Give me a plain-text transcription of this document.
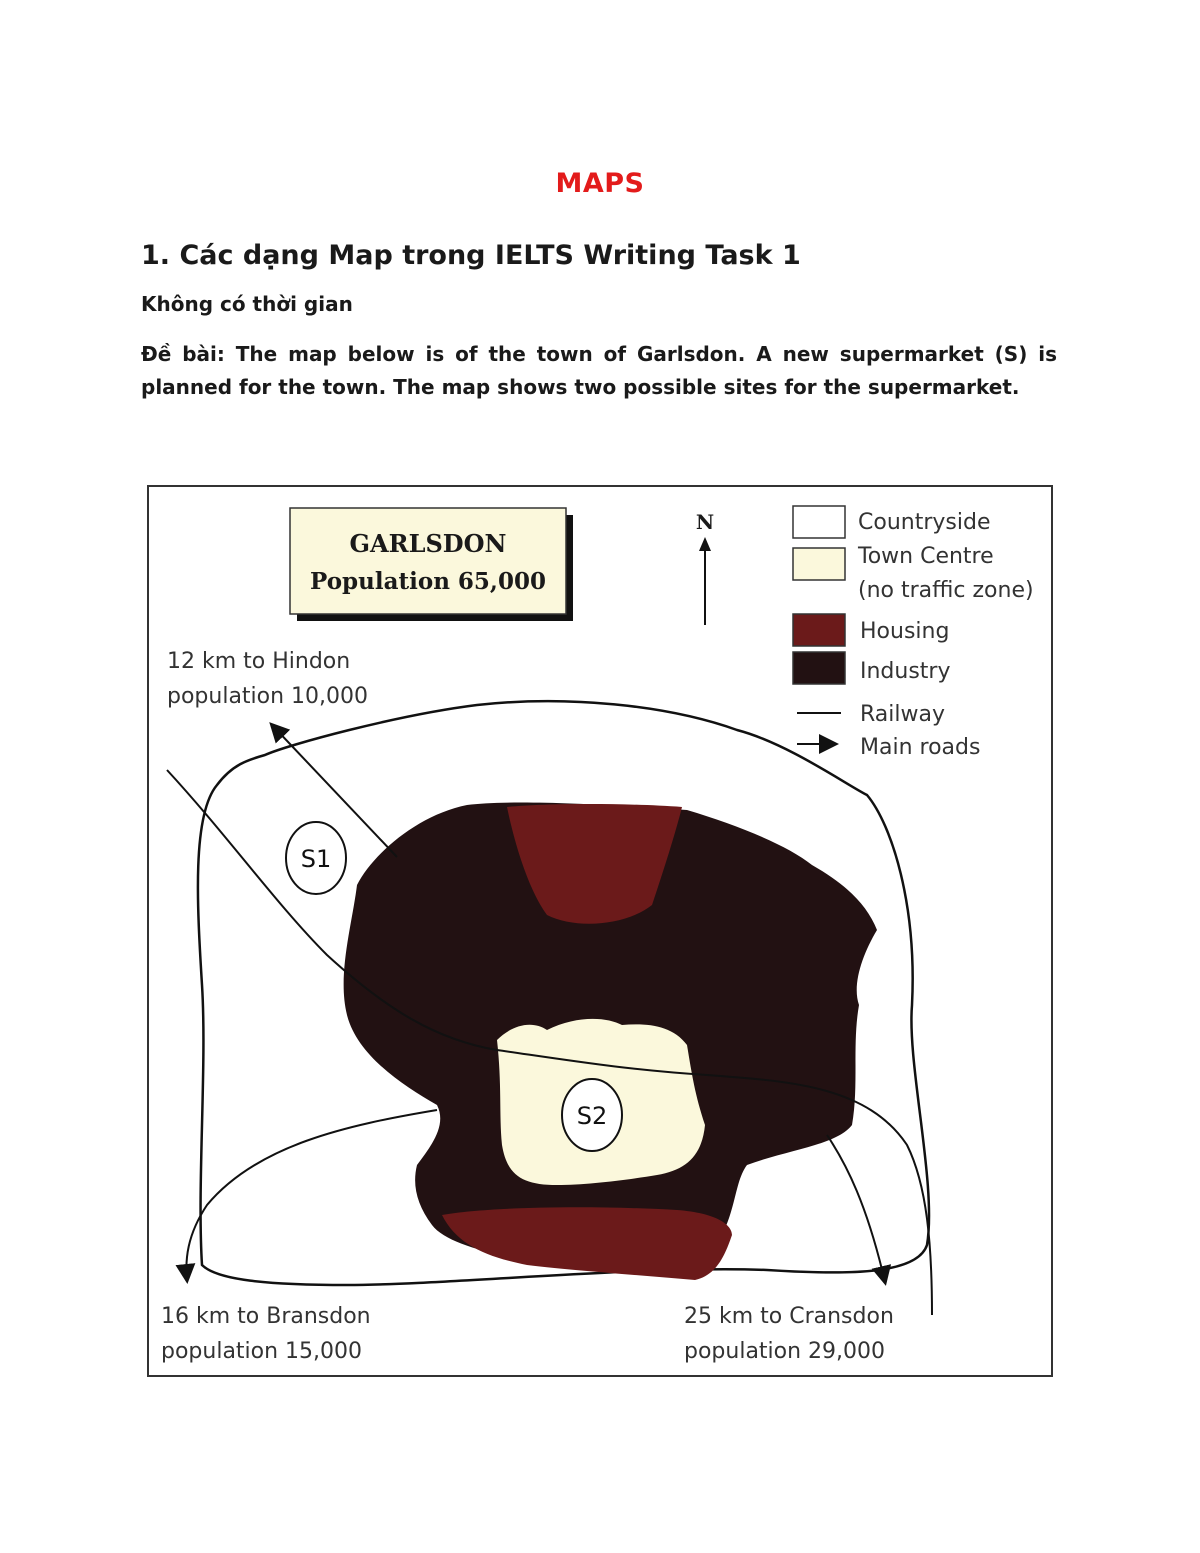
MAPS
1. Các dạng Map trong IELTS Writing Task 1
Không có thời gian
Đề bài: The map below is of the town of Garlsdon. A new supermarket (S) is planned for the town. The map shows two possible sites for the supermarket.
S1
S2
GARLSDON
Population 65,000
N	Countryside
Town Centre
(no traffic zone)
Housing
Industry
Railway
Main roads
12 km to Hindon
population 10,000
16 km to Bransdon
population 15,000
25 km to Cransdon
population 29,000
